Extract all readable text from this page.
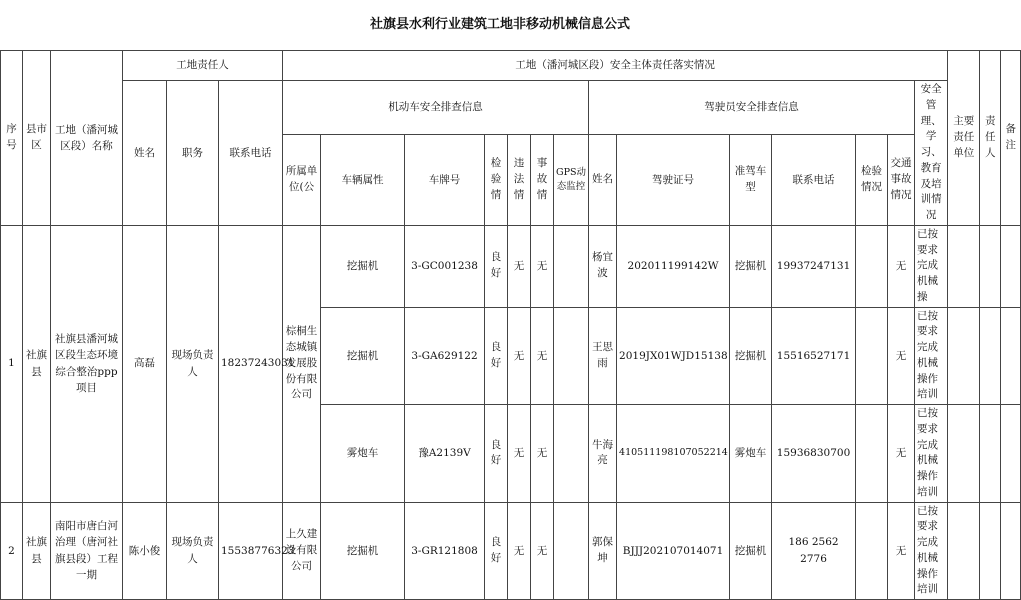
社旗县水利行业建筑工地非移动机械信息公式
序号	县市区	工地（潘河城区段）名称	工地责任人			工地（潘河城区段）安全主体责任落实情况														主要责任单位	责任人	备注
			姓名	职务	联系电话	机动车安全排查信息							驾驶员安全排查信息						安全管理、学习、教育及培训情况			
						所属单位(公	车辆属性	车牌号	检验情	违法情	事故情	GPS动态监控	姓名	驾驶证号	准驾车型	联系电话	检验情况	交通事故情况				
1	社旗县	社旗县潘河城区段生态环境综合整治ppp项目	高磊	现场负责人	18237243031	棕桐生态城镇发展股份有限公司	挖掘机	3-GC001238	良好	无	无		杨宜波	202011199142W	挖掘机	19937247131		无	已按要求完成机械操			
							挖掘机	3-GA629122	良好	无	无		王思雨	2019JX01WJD15138	挖掘机	15516527171		无	已按要求完成机械操作培训			
							雾炮车	豫A2139V	良好	无	无		牛海亮	410511198107052214	雾炮车	15936830700		无	已按要求完成机械操作培训			
2	社旗县	南阳市唐白河治理（唐河社旗县段）工程一期	陈小俊	现场负责人	15538776323	上久建设有限公司	挖掘机	3-GR121808	良好	无	无		郭保坤	BJJJ202107014071	挖掘机	186 2562 2776		无	已按要求完成机械操作培训			
